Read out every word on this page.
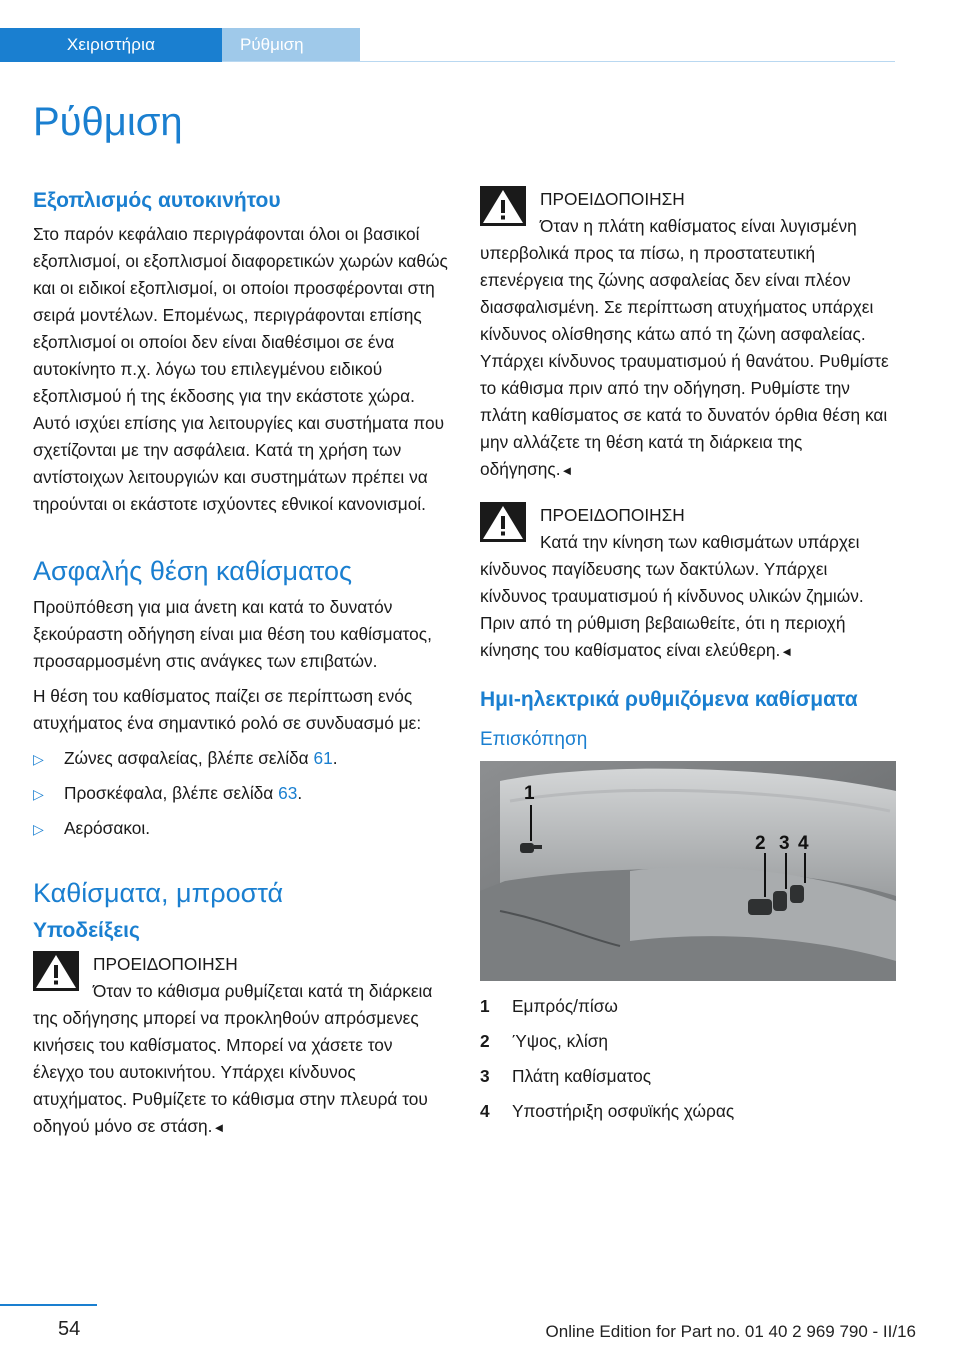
Χειριστήρια	Ρύθμιση
Ρύθμιση
Εξοπλισμός αυτοκινήτου

Στο παρόν κεφάλαιο περιγράφονται όλοι οι βασικοί εξοπλισμοί, οι εξοπλισμοί διαφορετικών χωρών καθώς και οι ειδικοί εξοπλισμοί, οι οποίοι προσφέρονται στη σειρά μοντέλων. Επομένως, περιγράφονται επίσης εξοπλισμοί οι οποίοι δεν είναι διαθέσιμοι σε ένα αυτοκίνητο π.χ. λόγω του επιλεγμένου ειδικού εξοπλισμού ή της έκδοσης για την εκάστοτε χώρα. Αυτό ισχύει επίσης για λειτουργίες και συστήματα που σχετίζονται με την ασφάλεια. Κατά τη χρήση των αντίστοιχων λειτουργιών και συστημάτων πρέπει να τηρούνται οι εκάστοτε ισχύοντες εθνικοί κανονισμοί.

Ασφαλής θέση καθίσματος

Προϋπόθεση για μια άνετη και κατά το δυνατόν ξεκούραστη οδήγηση είναι μια θέση του καθίσματος, προσαρμοσμένη στις ανάγκες των επιβατών.

Η θέση του καθίσματος παίζει σε περίπτωση ενός ατυχήματος ένα σημαντικό ρολό σε συνδυασμό με:

▷ Ζώνες ασφαλείας, βλέπε σελίδα 61.
▷ Προσκέφαλα, βλέπε σελίδα 63.
▷ Αερόσακοι.
Καθίσματα, μπροστά
Υποδείξεις
ΠΡΟΕΙΔΟΠΟΙΗΣΗ
Όταν το κάθισμα ρυθμίζεται κατά τη διάρκεια της οδήγησης μπορεί να προκληθούν απρόσμενες κινήσεις του καθίσματος. Μπορεί να χάσετε τον έλεγχο του αυτοκινήτου. Υπάρχει κίνδυνος ατυχήματος. Ρυθμίζετε το κάθισμα στην πλευρά του οδηγού μόνο σε στάση.◄
ΠΡΟΕΙΔΟΠΟΙΗΣΗ
Όταν η πλάτη καθίσματος είναι λυγισμένη υπερβολικά προς τα πίσω, η προστατευτική επενέργεια της ζώνης ασφαλείας δεν είναι πλέον διασφαλισμένη. Σε περίπτωση ατυχήματος υπάρχει κίνδυνος ολίσθησης κάτω από τη ζώνη ασφαλείας. Υπάρχει κίνδυνος τραυματισμού ή θανάτου. Ρυθμίστε το κάθισμα πριν από την οδήγηση. Ρυθμίστε την πλάτη καθίσματος σε κατά το δυνατόν όρθια θέση και μην αλλάζετε τη θέση κατά τη διάρκεια της οδήγησης.◄
ΠΡΟΕΙΔΟΠΟΙΗΣΗ
Κατά την κίνηση των καθισμάτων υπάρχει κίνδυνος παγίδευσης των δακτύλων. Υπάρχει κίνδυνος τραυματισμού ή κίνδυνος υλικών ζημιών. Πριν από τη ρύθμιση βεβαιωθείτε, ότι η περιοχή κίνησης του καθίσματος είναι ελεύθερη.◄
Ημι-ηλεκτρικά ρυθμιζόμενα καθίσματα
Επισκόπηση
1
2 3 4
1	Εμπρός/πίσω
2	Ύψος, κλίση
3	Πλάτη καθίσματος
4	Υποστήριξη οσφυϊκής χώρας
54	Online Edition for Part no. 01 40 2 969 790 - II/16
